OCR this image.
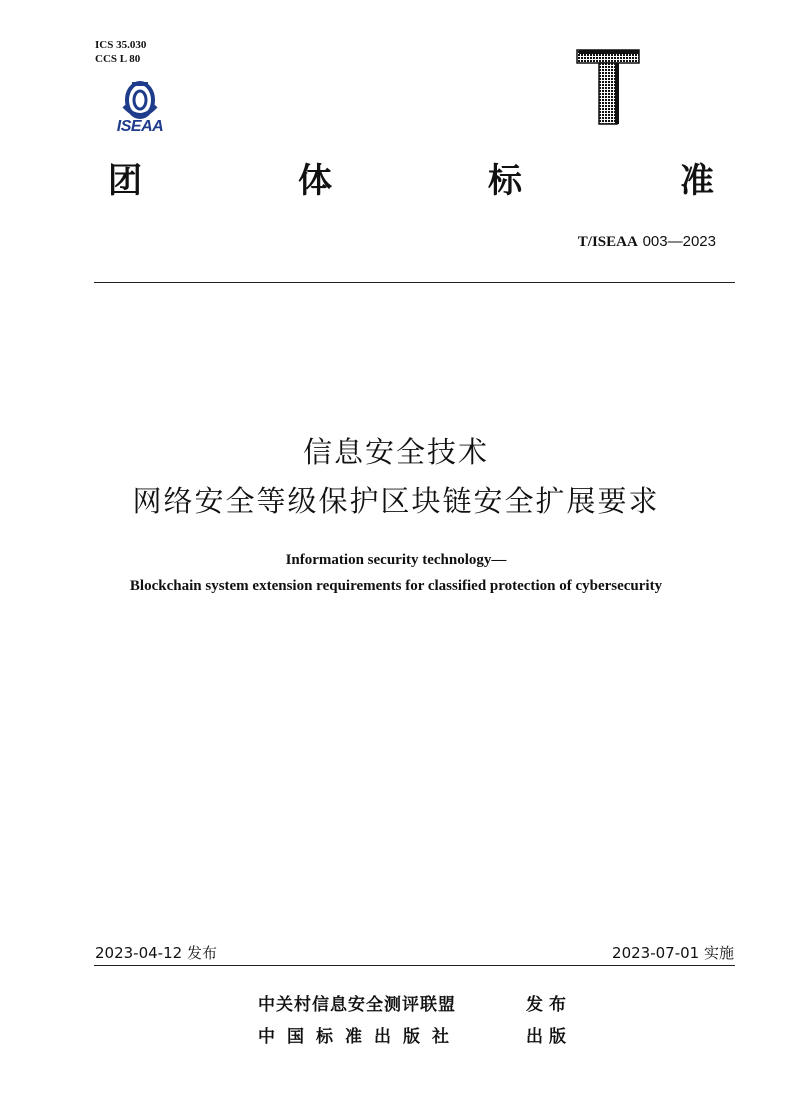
ICS 35.030
CCS L 80
ISEAA
T
团	体	标	准
T/ISEAA 003—2023
信息安全技术
网络安全等级保护区块链安全扩展要求
Information security technology—
Blockchain system extension requirements for classified protection of cybersecurity
2023-04-12 发布	2023-07-01 实施
中关村信息安全测评联盟	发布
中国标准出版社	出版
